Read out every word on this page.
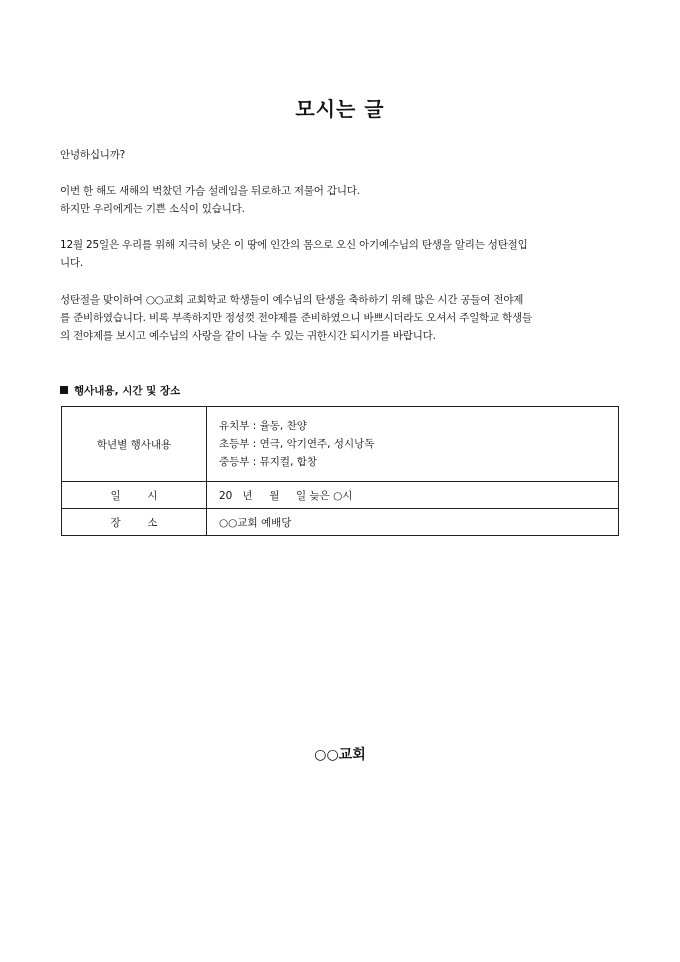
모시는 글
안녕하십니까?
이번 한 해도 새해의 벅찼던 가슴 설레임을 뒤로하고 저물어 갑니다.
하지만 우리에게는 기쁜 소식이 있습니다.
12월 25일은 우리를 위해 지극히 낮은 이 땅에 인간의 몸으로 오신 아기예수님의 탄생을 알리는 성탄절입
니다.
성탄절을 맞이하여 ○○교회 교회학교 학생들이 예수님의 탄생을 축하하기 위해 많은 시간 공들여 전야제
를 준비하였습니다. 비록 부족하지만 정성껏 전야제를 준비하였으니 바쁘시더라도 오셔서 주일학교 학생들
의 전야제를 보시고 예수님의 사랑을 같이 나눌 수 있는 귀한시간 되시기를 바랍니다.
행사내용, 시간 및 장소
학년별 행사내용	유치부 : 율동, 찬양
초등부 : 연극, 악기연주, 성시낭독
중등부 : 뮤지컬, 합창

일        시	20   년     월     일 늦은 ○시
장        소	○○교회 예배당
○○교회
